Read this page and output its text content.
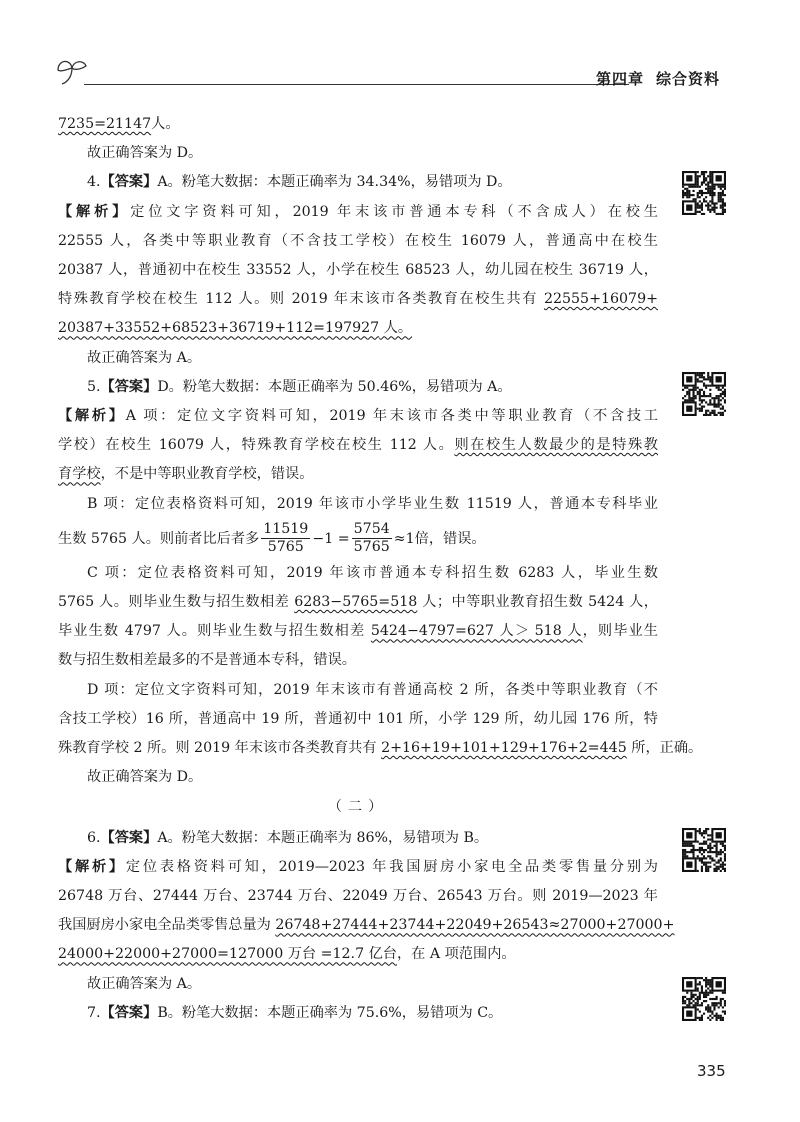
第四章 综合资料

7235=21147人。

故正确答案为 D。

4.【答案】A。粉笔大数据：本题正确率为 34.34%，易错项为 D。

【解析】定位文字资料可知，2019 年末该市普通本专科（不含成人）在校生

22555 人，各类中等职业教育（不含技工学校）在校生 16079 人，普通高中在校生

20387 人，普通初中在校生 33552 人，小学在校生 68523 人，幼儿园在校生 36719 人，

特殊教育学校在校生 112 人。则 2019 年末该市各类教育在校生共有 22555+16079+

20387+33552+68523+36719+112=197927 人。

故正确答案为 A。

5.【答案】D。粉笔大数据：本题正确率为 50.46%，易错项为 A。

【解析】A 项：定位文字资料可知，2019 年末该市各类中等职业教育（不含技工

学校）在校生 16079 人，特殊教育学校在校生 112 人。则在校生人数最少的是特殊教

育学校，不是中等职业教育学校，错误。

B 项：定位表格资料可知，2019 年该市小学毕业生数 11519 人，普通本专科毕业

生数 5765 人。则前者比后者多 $\frac{11519}{5765} -1 = \frac{5754}{5765} \approx 1$倍，错误。

C 项：定位表格资料可知，2019 年该市普通本专科招生数 6283 人，毕业生数

5765 人。则毕业生数与招生数相差 6283−5765=518 人；中等职业教育招生数 5424 人，

毕业生数 4797 人。则毕业生数与招生数相差 5424−4797=627 人＞ 518 人，则毕业生

数与招生数相差最多的不是普通本专科，错误。

D 项：定位文字资料可知，2019 年末该市有普通高校 2 所，各类中等职业教育（不

含技工学校）16 所，普通高中 19 所，普通初中 101 所，小学 129 所，幼儿园 176 所，特

殊教育学校 2 所。则 2019 年末该市各类教育共有 2+16+19+101+129+176+2=445 所，正确。

故正确答案为 D。

（二）

6.【答案】A。粉笔大数据：本题正确率为 86%，易错项为 B。

【解析】定位表格资料可知，2019—2023 年我国厨房小家电全品类零售量分别为

26748 万台、27444 万台、23744 万台、22049 万台、26543 万台。则 2019—2023 年

我国厨房小家电全品类零售总量为 26748+27444+23744+22049+26543≈27000+27000+

24000+22000+27000=127000 万台 =12.7 亿台，在 A 项范围内。

故正确答案为 A。

7.【答案】B。粉笔大数据：本题正确率为 75.6%，易错项为 C。

335
